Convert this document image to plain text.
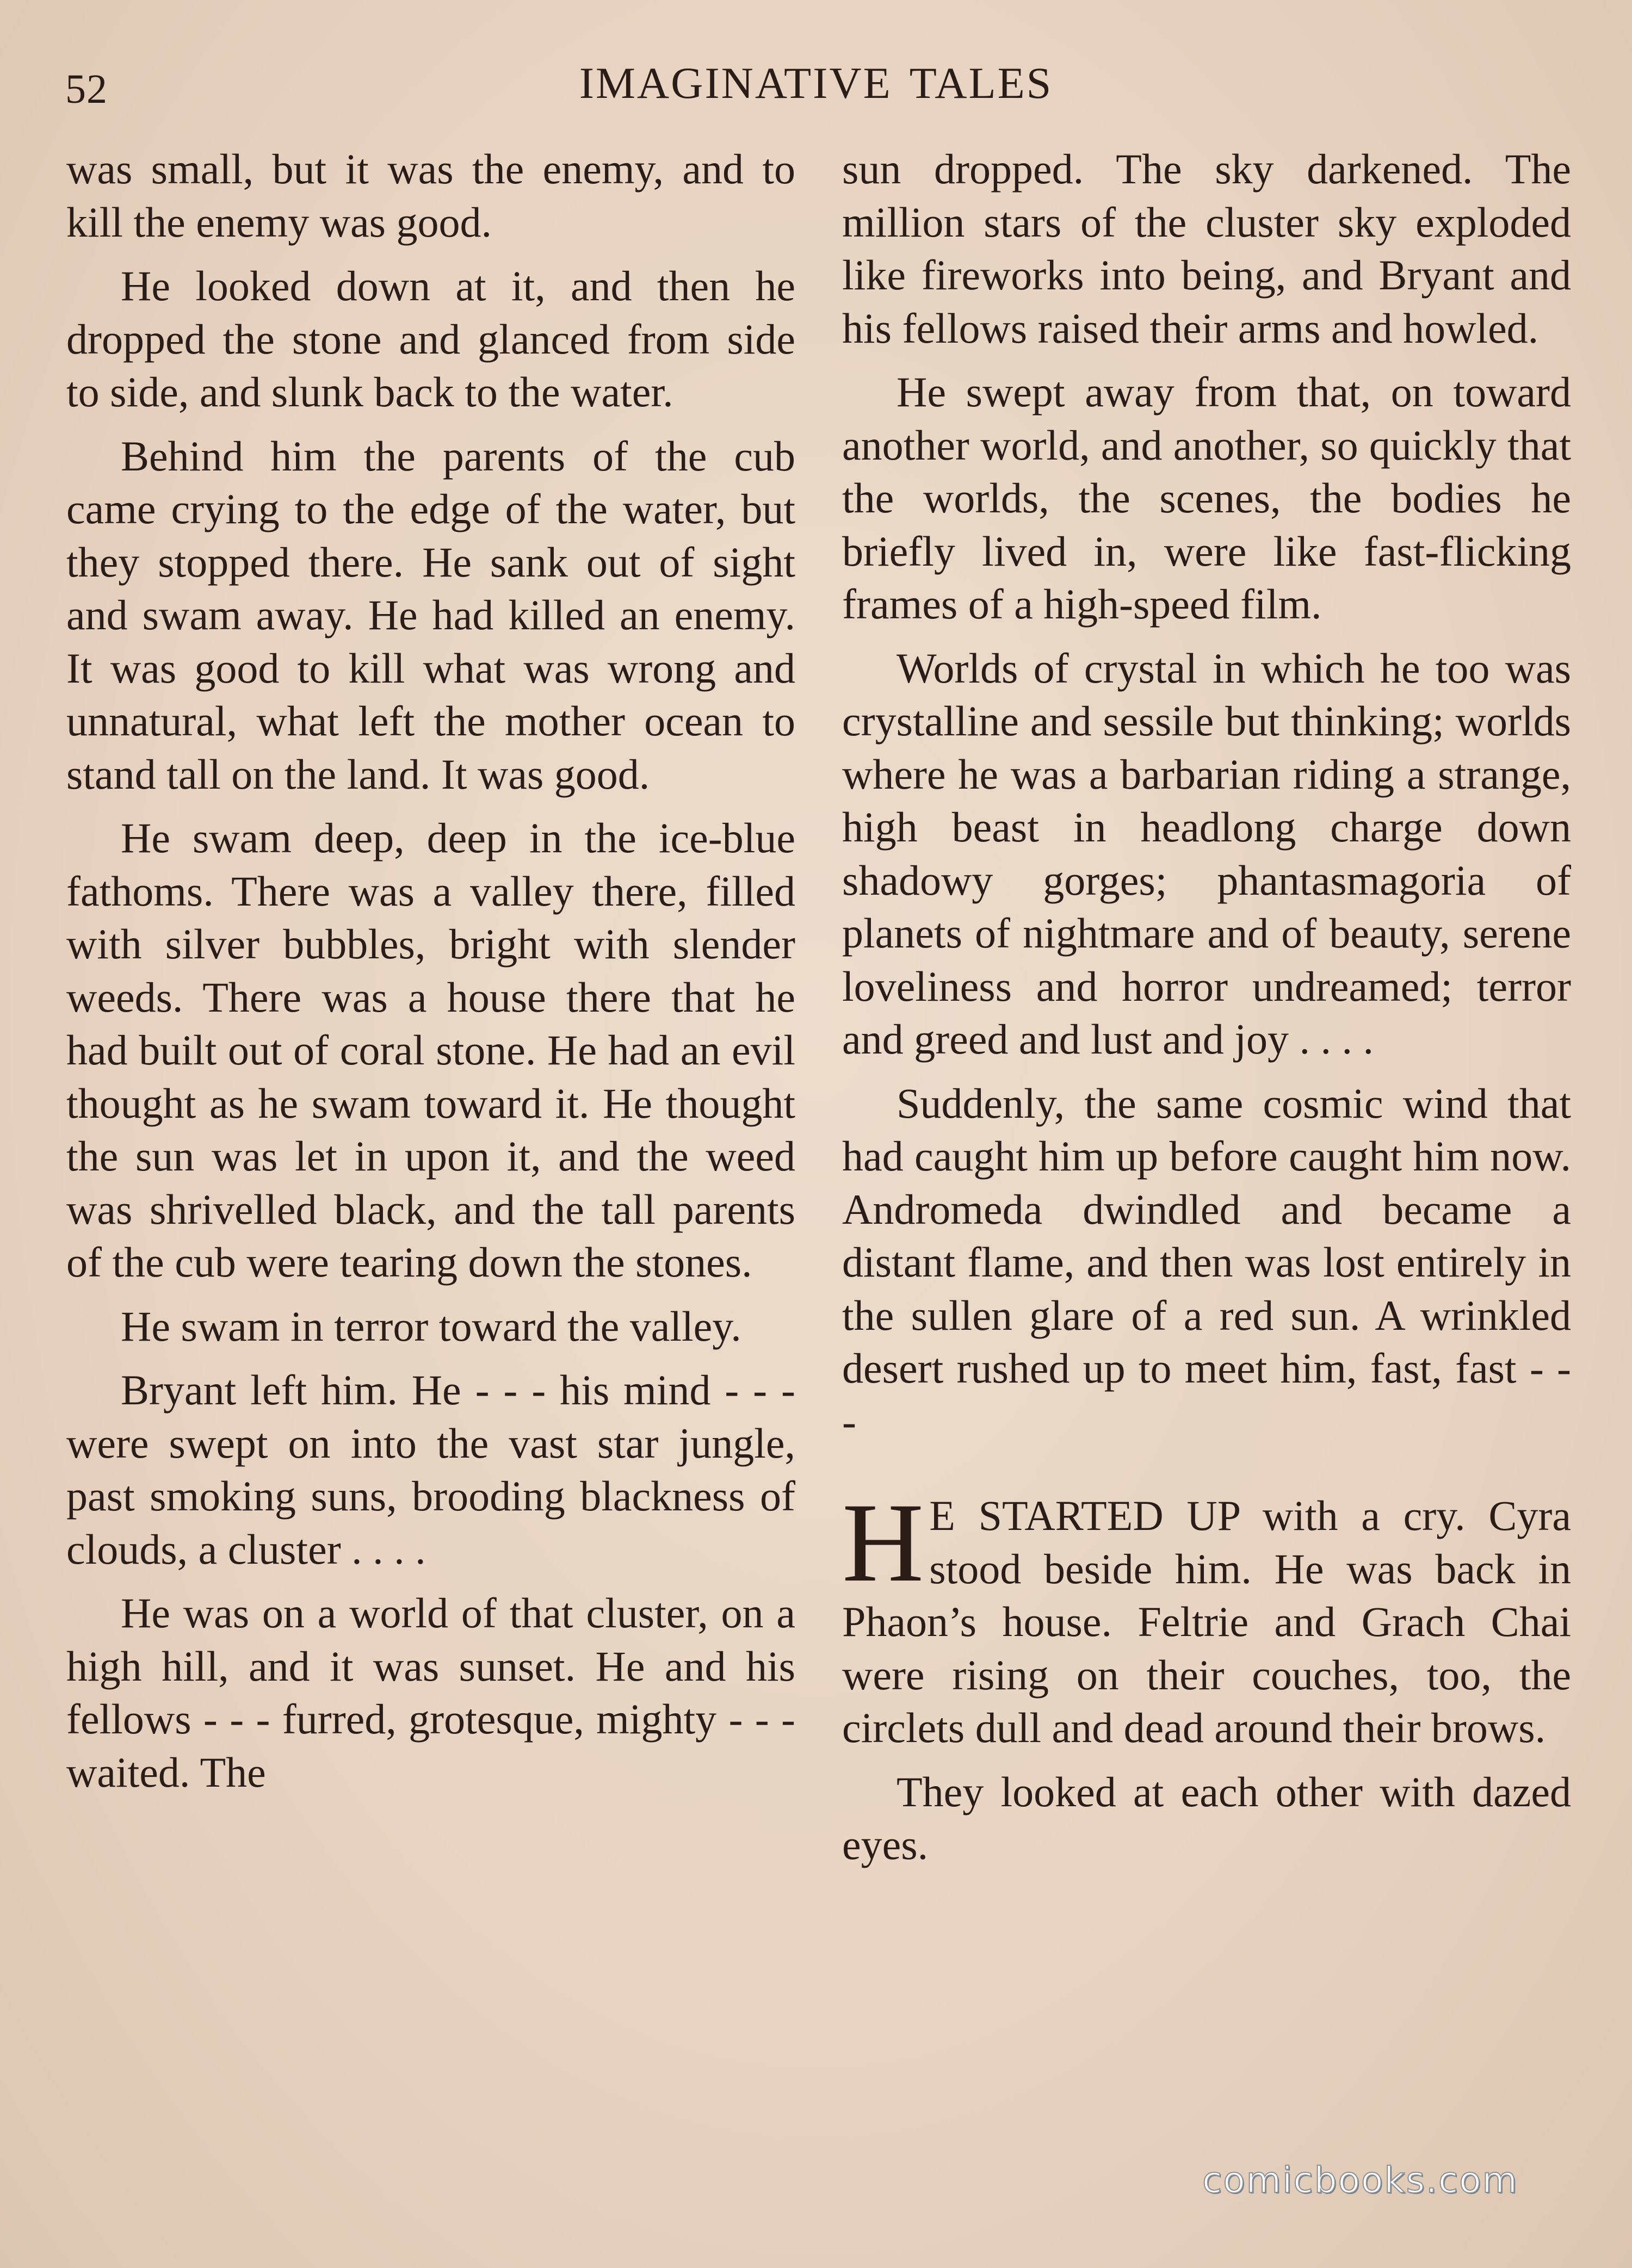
52	IMAGINATIVE TALES

was small, but it was the enemy, and to kill the enemy was good.

He looked down at it, and then he dropped the stone and glanced from side to side, and slunk back to the water.

Behind him the parents of the cub came crying to the edge of the water, but they stopped there. He sank out of sight and swam away. He had killed an enemy. It was good to kill what was wrong and unnatural, what left the mother ocean to stand tall on the land. It was good.

He swam deep, deep in the ice-blue fathoms. There was a valley there, filled with silver bubbles, bright with slender weeds. There was a house there that he had built out of coral stone. He had an evil thought as he swam toward it. He thought the sun was let in upon it, and the weed was shrivelled black, and the tall parents of the cub were tearing down the stones.

He swam in terror toward the valley.

Bryant left him. He - - - his mind - - - were swept on into the vast star jungle, past smoking suns, brooding blackness of clouds, a cluster . . . .

He was on a world of that cluster, on a high hill, and it was sunset. He and his fellows - - - furred, grotesque, mighty - - - waited. The

sun dropped. The sky darkened. The million stars of the cluster sky exploded like fireworks into being, and Bryant and his fellows raised their arms and howled.

He swept away from that, on toward another world, and another, so quickly that the worlds, the scenes, the bodies he briefly lived in, were like fast-flicking frames of a high-speed film.

Worlds of crystal in which he too was crystalline and sessile but thinking; worlds where he was a barbarian riding a strange, high beast in headlong charge down shadowy gorges; phantasmagoria of planets of nightmare and of beauty, serene loveliness and horror undreamed; terror and greed and lust and joy . . . .

Suddenly, the same cosmic wind that had caught him up before caught him now. Andromeda dwindled and became a distant flame, and then was lost entirely in the sullen glare of a red sun. A wrinkled desert rushed up to meet him, fast, fast - - -

H E STARTED UP with a cry. Cyra stood beside him. He was back in Phaon’s house. Feltrie and Grach Chai were rising on their couches, too, the circlets dull and dead around their brows.

They looked at each other with dazed eyes.

comicbooks.com
